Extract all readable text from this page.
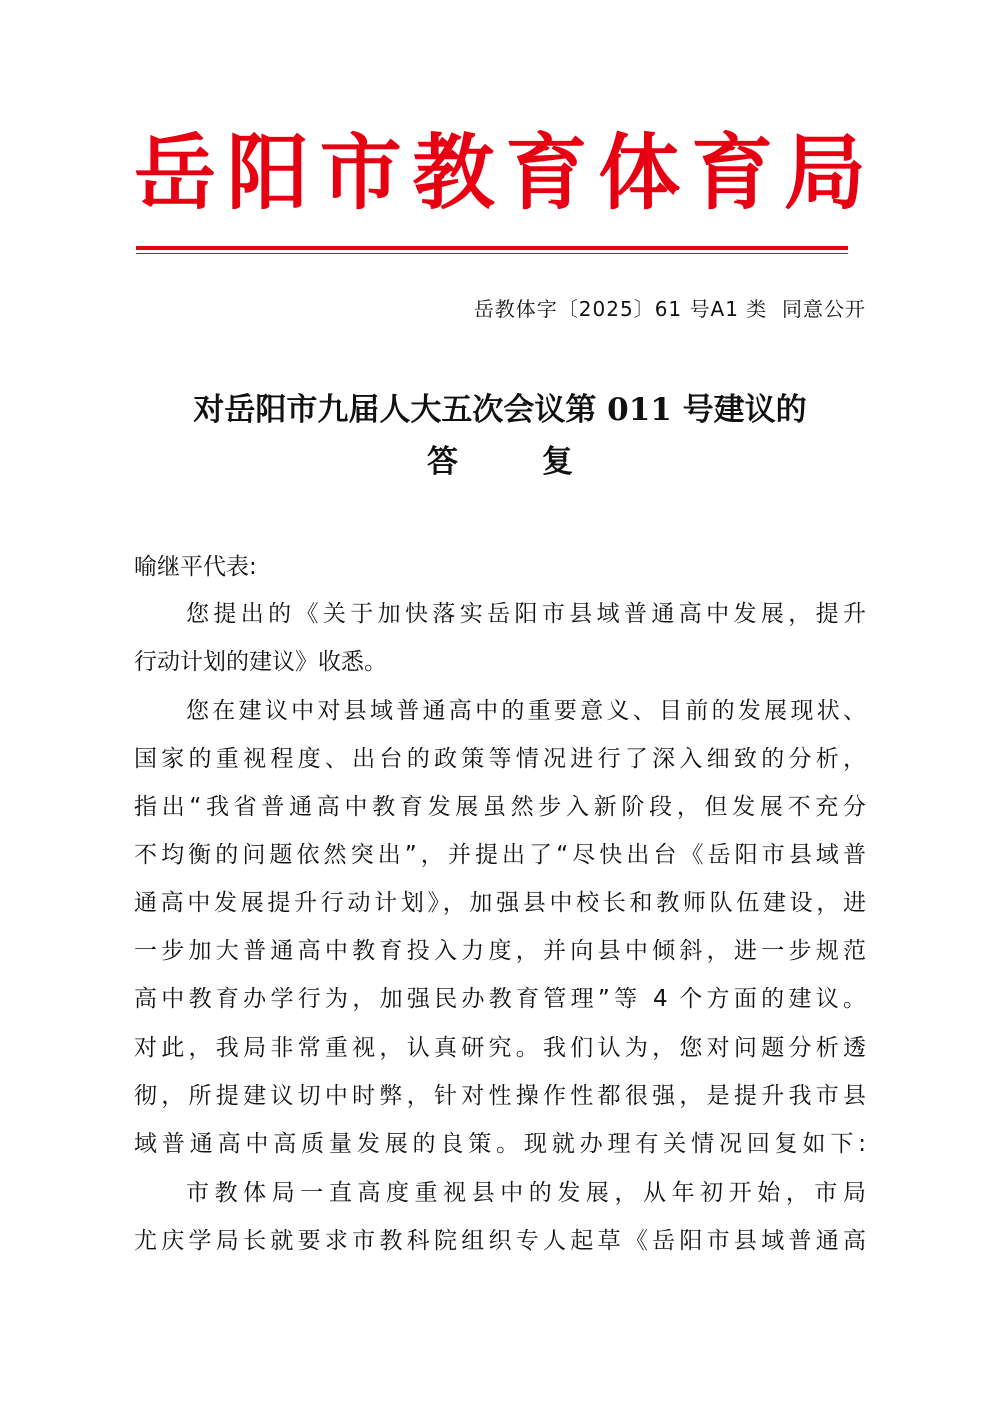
岳 阳 市 教 育 体 育 局
岳教体字〔2025〕61 号A1 类  同意公开
对岳阳市九届人大五次会议第 011 号建议的
答	复
喻继平代表:
您提出的《关于加快落实岳阳市县域普通高中发展，提升
行动计划的建议》收悉。
您在建议中对县域普通高中的重要意义、目前的发展现状、
国家的重视程度、出台的政策等情况进行了深入细致的分析，
指出“我省普通高中教育发展虽然步入新阶段，但发展不充分
不均衡的问题依然突出”，并提出了“尽快出台《岳阳市县域普
通高中发展提升行动计划》，加强县中校长和教师队伍建设，进
一步加大普通高中教育投入力度，并向县中倾斜，进一步规范
高中教育办学行为，加强民办教育管理”等 4 个方面的建议。
对此，我局非常重视，认真研究。我们认为，您对问题分析透
彻，所提建议切中时弊，针对性操作性都很强，是提升我市县
域普通高中高质量发展的良策。现就办理有关情况回复如下:
市教体局一直高度重视县中的发展，从年初开始，市局
尤庆学局长就要求市教科院组织专人起草《岳阳市县域普通高
